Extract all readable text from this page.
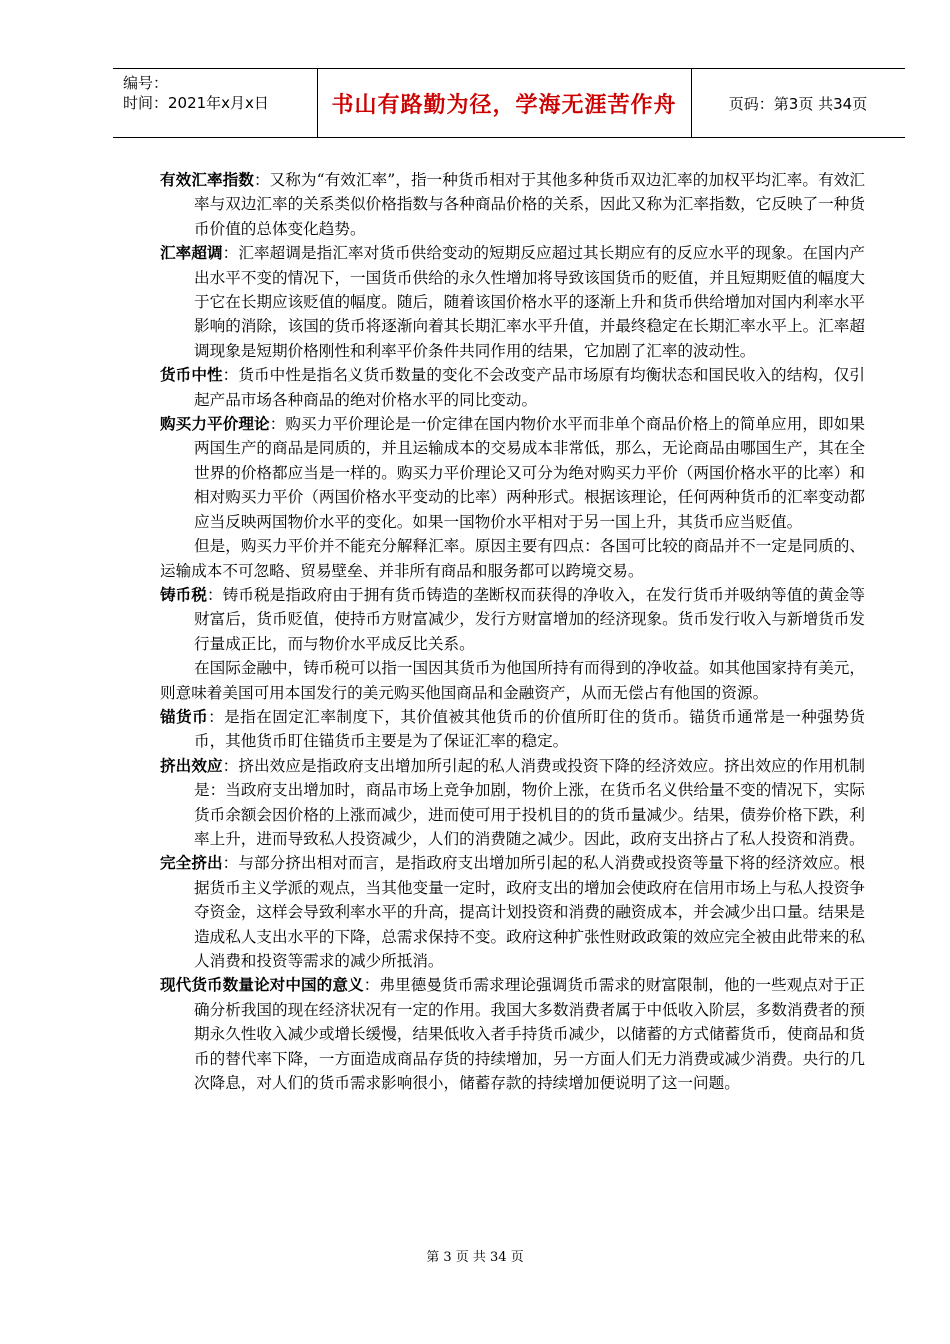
编号：
时间：2021年x月x日	书山有路勤为径，学海无涯苦作舟	页码：第3页 共34页

有效汇率指数：又称为“有效汇率”，指一种货币相对于其他多种货币双边汇率的加权平均汇率。有效汇率与双边汇率的关系类似价格指数与各种商品价格的关系，因此又称为汇率指数，它反映了一种货币价值的总体变化趋势。

汇率超调：汇率超调是指汇率对货币供给变动的短期反应超过其长期应有的反应水平的现象。在国内产出水平不变的情况下，一国货币供给的永久性增加将导致该国货币的贬值，并且短期贬值的幅度大于它在长期应该贬值的幅度。随后，随着该国价格水平的逐渐上升和货币供给增加对国内利率水平影响的消除，该国的货币将逐渐向着其长期汇率水平升值，并最终稳定在长期汇率水平上。汇率超调现象是短期价格刚性和利率平价条件共同作用的结果，它加剧了汇率的波动性。

货币中性：货币中性是指名义货币数量的变化不会改变产品市场原有均衡状态和国民收入的结构，仅引起产品市场各种商品的绝对价格水平的同比变动。

购买力平价理论：购买力平价理论是一价定律在国内物价水平而非单个商品价格上的简单应用，即如果两国生产的商品是同质的，并且运输成本的交易成本非常低，那么，无论商品由哪国生产，其在全世界的价格都应当是一样的。购买力平价理论又可分为绝对购买力平价（两国价格水平的比率）和相对购买力平价（两国价格水平变动的比率）两种形式。根据该理论，任何两种货币的汇率变动都应当反映两国物价水平的变化。如果一国物价水平相对于另一国上升，其货币应当贬值。

但是，购买力平价并不能充分解释汇率。原因主要有四点：各国可比较的商品并不一定是同质的、运输成本不可忽略、贸易壁垒、并非所有商品和服务都可以跨境交易。

铸币税：铸币税是指政府由于拥有货币铸造的垄断权而获得的净收入，在发行货币并吸纳等值的黄金等财富后，货币贬值，使持币方财富减少，发行方财富增加的经济现象。货币发行收入与新增货币发行量成正比，而与物价水平成反比关系。

在国际金融中，铸币税可以指一国因其货币为他国所持有而得到的净收益。如其他国家持有美元，则意味着美国可用本国发行的美元购买他国商品和金融资产，从而无偿占有他国的资源。

锚货币：是指在固定汇率制度下，其价值被其他货币的价值所盯住的货币。锚货币通常是一种强势货币，其他货币盯住锚货币主要是为了保证汇率的稳定。

挤出效应：挤出效应是指政府支出增加所引起的私人消费或投资下降的经济效应。挤出效应的作用机制是：当政府支出增加时，商品市场上竞争加剧，物价上涨，在货币名义供给量不变的情况下，实际货币余额会因价格的上涨而减少，进而使可用于投机目的的货币量减少。结果，债券价格下跌，利率上升，进而导致私人投资减少，人们的消费随之减少。因此，政府支出挤占了私人投资和消费。

完全挤出：与部分挤出相对而言，是指政府支出增加所引起的私人消费或投资等量下将的经济效应。根据货币主义学派的观点，当其他变量一定时，政府支出的增加会使政府在信用市场上与私人投资争夺资金，这样会导致利率水平的升高，提高计划投资和消费的融资成本，并会减少出口量。结果是造成私人支出水平的下降，总需求保持不变。政府这种扩张性财政政策的效应完全被由此带来的私人消费和投资等需求的减少所抵消。

现代货币数量论对中国的意义：弗里德曼货币需求理论强调货币需求的财富限制，他的一些观点对于正确分析我国的现在经济状况有一定的作用。我国大多数消费者属于中低收入阶层，多数消费者的预期永久性收入减少或增长缓慢，结果低收入者手持货币减少，以储蓄的方式储蓄货币，使商品和货币的替代率下降，一方面造成商品存货的持续增加，另一方面人们无力消费或减少消费。央行的几次降息，对人们的货币需求影响很小，储蓄存款的持续增加便说明了这一问题。

第 3 页 共 34 页
